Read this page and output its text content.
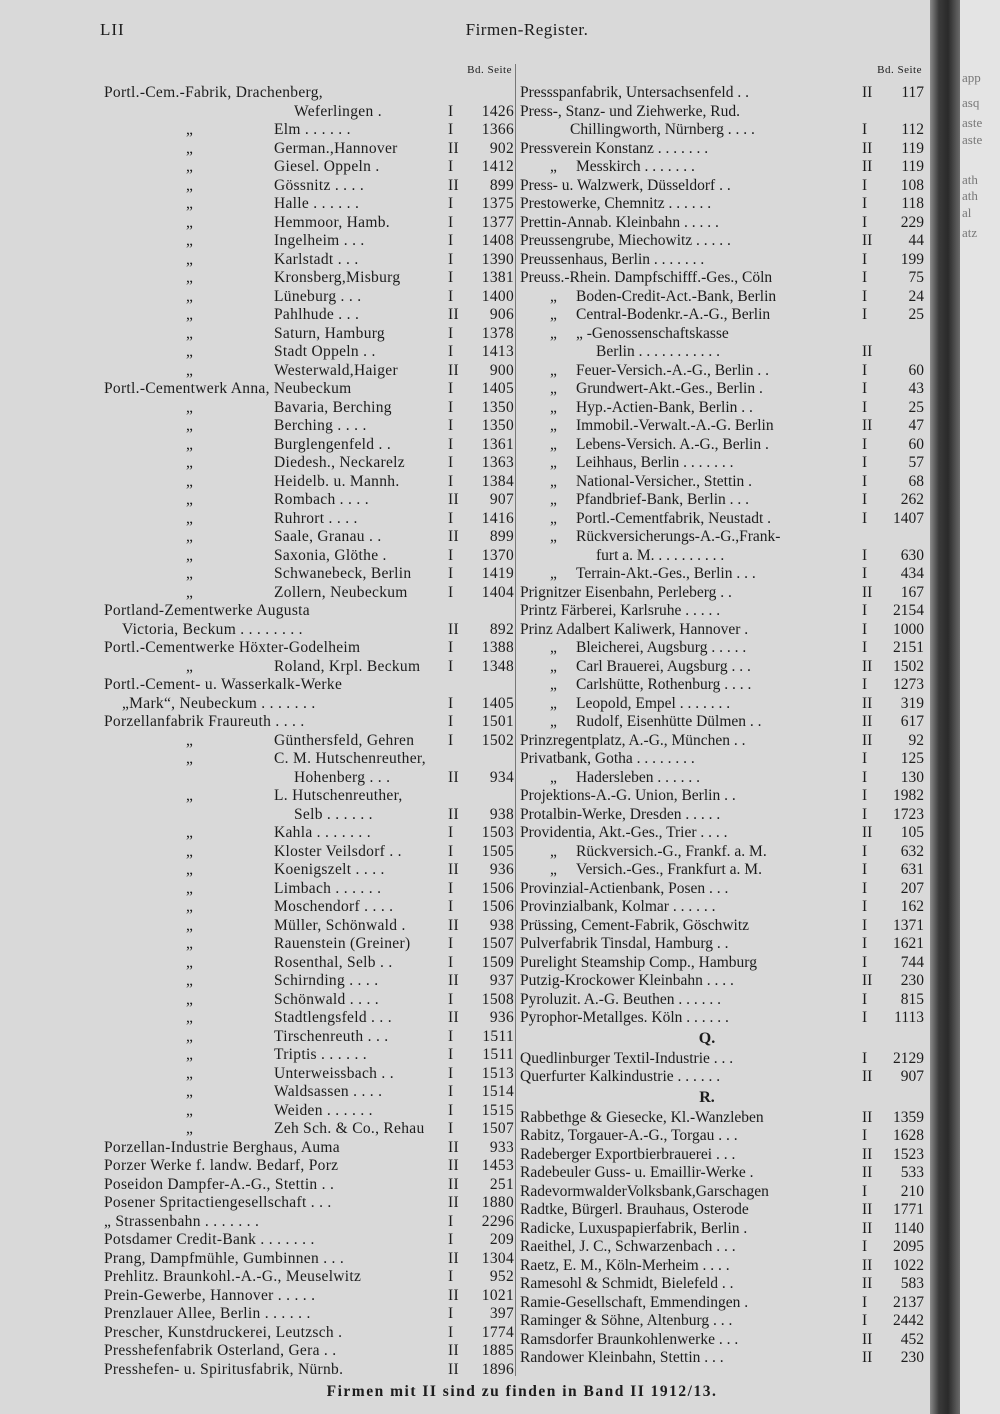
LII	Firmen-Register.
Bd. Seite
Portl.-Cem.-Fabrik, Drachenberg,
Weferlingen .	I	1426
„	Elm . . . . . .	I	1366
„	German.,Hannover	II	902
„	Giesel. Oppeln .	I	1412
„	Gössnitz . . . .	II	899
„	Halle . . . . . .	I	1375
„	Hemmoor, Hamb.	I	1377
„	Ingelheim . . .	I	1408
„	Karlstadt . . .	I	1390
„	Kronsberg,Misburg	I	1381
„	Lüneburg . . .	I	1400
„	Pahlhude . . .	II	906
„	Saturn, Hamburg	I	1378
„	Stadt Oppeln . .	I	1413
„	Westerwald,Haiger	II	900
Portl.-Cementwerk Anna, Neubeckum	I	1405
„	Bavaria, Berching	I	1350
„	Berching . . . .	I	1350
„	Burglengenfeld . .	I	1361
„	Diedesh., Neckarelz	I	1363
„	Heidelb. u. Mannh.	I	1384
„	Rombach . . . .	II	907
„	Ruhrort . . . .	I	1416
„	Saale, Granau . .	II	899
„	Saxonia, Glöthe .	I	1370
„	Schwanebeck, Berlin	I	1419
„	Zollern, Neubeckum	I	1404
Portland-Zementwerke Augusta
Victoria, Beckum . . . . . . . .	II	892
Portl.-Cementwerke Höxter-Godelheim	I	1388
„	Roland, Krpl. Beckum	I	1348
Portl.-Cement- u. Wasserkalk-Werke
„Mark“, Neubeckum . . . . . . .	I	1405
Porzellanfabrik Fraureuth . . . .	I	1501
„	Günthersfeld, Gehren	I	1502
„	C. M. Hutschenreuther,
Hohenberg . . .	II	934
„	L. Hutschenreuther,
Selb . . . . . .	II	938
„	Kahla . . . . . . .	I	1503
„	Kloster Veilsdorf . .	I	1505
„	Koenigszelt . . . .	II	936
„	Limbach . . . . . .	I	1506
„	Moschendorf . . . .	I	1506
„	Müller, Schönwald .	II	938
„	Rauenstein (Greiner)	I	1507
„	Rosenthal, Selb . .	I	1509
„	Schirnding . . . .	II	937
„	Schönwald . . . .	I	1508
„	Stadtlengsfeld . . .	II	936
„	Tirschenreuth . . .	I	1511
„	Triptis . . . . . .	I	1511
„	Unterweissbach . .	I	1513
„	Waldsassen . . . .	I	1514
„	Weiden . . . . . .	I	1515
„	Zeh Sch. & Co., Rehau	I	1507
Porzellan-Industrie Berghaus, Auma	II	933
Porzer Werke f. landw. Bedarf, Porz	II	1453
Poseidon Dampfer-A.-G., Stettin . .	II	251
Posener Spritactiengesellschaft . . .	II	1880
„ Strassenbahn . . . . . . .	I	2296
Potsdamer Credit-Bank . . . . . . .	I	209
Prang, Dampfmühle, Gumbinnen . . .	II	1304
Prehlitz. Braunkohl.-A.-G., Meuselwitz	I	952
Prein-Gewerbe, Hannover . . . . .	II	1021
Prenzlauer Allee, Berlin . . . . . .	I	397
Prescher, Kunstdruckerei, Leutzsch .	I	1774
Presshefenfabrik Osterland, Gera . .	II	1885
Presshefen- u. Spiritusfabrik, Nürnb.	II	1896
Bd. Seite
Pressspanfabrik, Untersachsenfeld . .	II	117
Press-, Stanz- und Ziehwerke, Rud.
Chillingworth, Nürnberg . . . .	I	112
Pressverein Konstanz . . . . . . .	II	119
„ Messkirch . . . . . . .	II	119
Press- u. Walzwerk, Düsseldorf . .	I	108
Prestowerke, Chemnitz . . . . . .	I	118
Prettin-Annab. Kleinbahn . . . . .	I	229
Preussengrube, Miechowitz . . . . .	II	44
Preussenhaus, Berlin . . . . . . .	I	199
Preuss.-Rhein. Dampfschifff.-Ges., Cöln	I	75
„ Boden-Credit-Act.-Bank, Berlin	I	24
„ Central-Bodenkr.-A.-G., Berlin	I	25
„ „ -Genossenschaftskasse
Berlin . . . . . . . . . . .	II
„ Feuer-Versich.-A.-G., Berlin . .	I	60
„ Grundwert-Akt.-Ges., Berlin .	I	43
„ Hyp.-Actien-Bank, Berlin . .	I	25
„ Immobil.-Verwalt.-A.-G. Berlin	II	47
„ Lebens-Versich. A.-G., Berlin .	I	60
„ Leihhaus, Berlin . . . . . . .	I	57
„ National-Versicher., Stettin .	I	68
„ Pfandbrief-Bank, Berlin . . .	I	262
„ Portl.-Cementfabrik, Neustadt .	I	1407
„ Rückversicherungs-A.-G.,Frank-
furt a. M. . . . . . . . . .	I	630
„ Terrain-Akt.-Ges., Berlin . . .	I	434
Prignitzer Eisenbahn, Perleberg . .	II	167
Printz Färberei, Karlsruhe . . . . .	I	2154
Prinz Adalbert Kaliwerk, Hannover .	I	1000
„ Bleicherei, Augsburg . . . . .	I	2151
„ Carl Brauerei, Augsburg . . .	II	1502
„ Carlshütte, Rothenburg . . . .	I	1273
„ Leopold, Empel . . . . . . .	II	319
„ Rudolf, Eisenhütte Dülmen . .	II	617
Prinzregentplatz, A.-G., München . .	II	92
Privatbank, Gotha . . . . . . . .	I	125
„ Hadersleben . . . . . .	I	130
Projektions-A.-G. Union, Berlin . .	I	1982
Protalbin-Werke, Dresden . . . . .	I	1723
Providentia, Akt.-Ges., Trier . . . .	II	105
„ Rückversich.-G., Frankf. a. M.	I	632
„ Versich.-Ges., Frankfurt a. M.	I	631
Provinzial-Actienbank, Posen . . .	I	207
Provinzialbank, Kolmar . . . . . .	I	162
Prüssing, Cement-Fabrik, Göschwitz	I	1371
Pulverfabrik Tinsdal, Hamburg . .	I	1621
Purelight Steamship Comp., Hamburg	I	744
Putzig-Krockower Kleinbahn . . . .	II	230
Pyroluzit. A.-G. Beuthen . . . . . .	I	815
Pyrophor-Metallges. Köln . . . . . .	I	1113
Q.
Quedlinburger Textil-Industrie . . .	I	2129
Querfurter Kalkindustrie . . . . . .	II	907
R.
Rabbethge & Giesecke, Kl.-Wanzleben	II	1359
Rabitz, Torgauer-A.-G., Torgau . . .	I	1628
Radeberger Exportbierbrauerei . . .	II	1523
Radebeuler Guss- u. Emaillir-Werke .	II	533
RadevormwalderVolksbank,Garschagen	I	210
Radtke, Bürgerl. Brauhaus, Osterode	II	1771
Radicke, Luxuspapierfabrik, Berlin .	II	1140
Raeithel, J. C., Schwarzenbach . . .	I	2095
Raetz, E. M., Köln-Merheim . . . .	II	1022
Ramesohl & Schmidt, Bielefeld . .	II	583
Ramie-Gesellschaft, Emmendingen .	I	2137
Raminger & Söhne, Altenburg . . .	I	2442
Ramsdorfer Braunkohlenwerke . . .	II	452
Randower Kleinbahn, Stettin . . .	II	230
app
asq
aste
aste
ath
ath
al
atz
Firmen mit II sind zu finden in Band II 1912/13.
